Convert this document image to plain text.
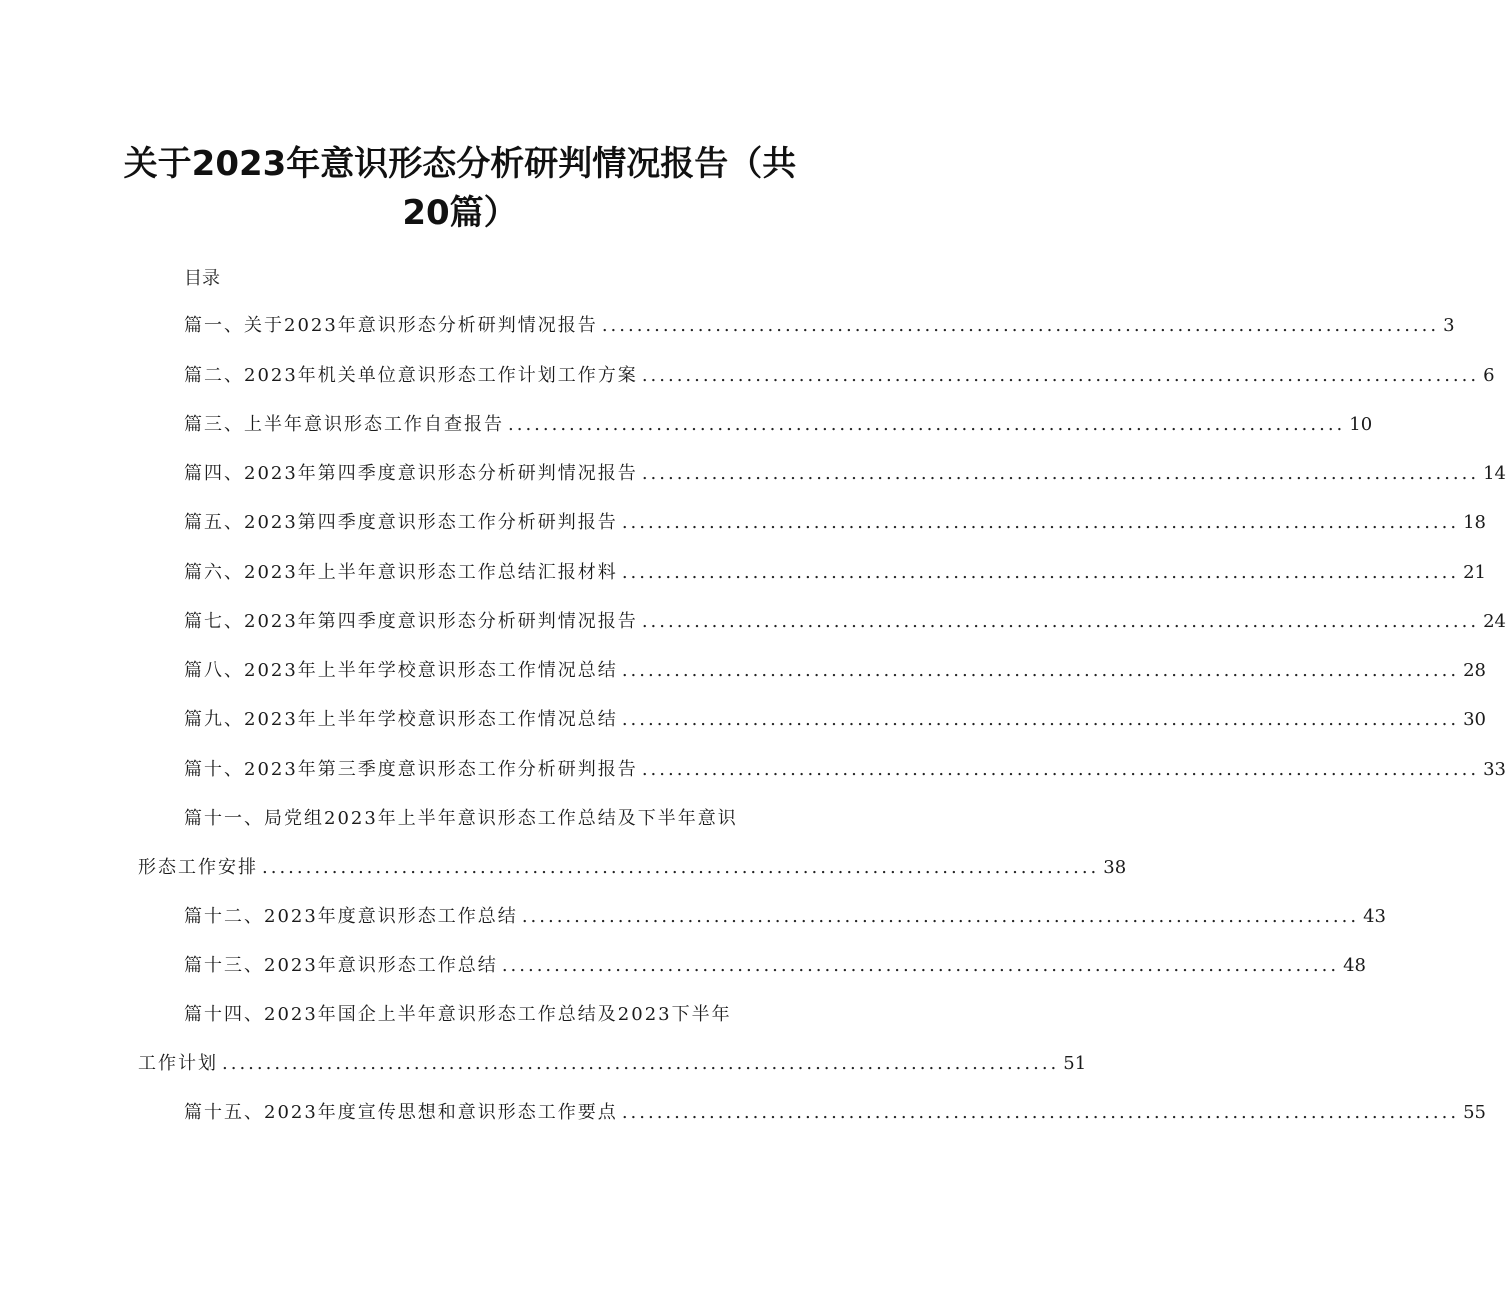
关于2023年意识形态分析研判情况报告（共
20篇）
目录
篇一、关于2023年意识形态分析研判情况报告 ................................................................................................ 3
篇二、2023年机关单位意识形态工作计划工作方案 ................................................................................................ 6
篇三、上半年意识形态工作自查报告 ................................................................................................ 10
篇四、2023年第四季度意识形态分析研判情况报告 ................................................................................................ 14
篇五、2023第四季度意识形态工作分析研判报告 ................................................................................................ 18
篇六、2023年上半年意识形态工作总结汇报材料 ................................................................................................ 21
篇七、2023年第四季度意识形态分析研判情况报告 ................................................................................................ 24
篇八、2023年上半年学校意识形态工作情况总结 ................................................................................................ 28
篇九、2023年上半年学校意识形态工作情况总结 ................................................................................................ 30
篇十、2023年第三季度意识形态工作分析研判报告 ................................................................................................ 33
篇十一、局党组2023年上半年意识形态工作总结及下半年意识
形态工作安排 ................................................................................................ 38
篇十二、2023年度意识形态工作总结 ................................................................................................ 43
篇十三、2023年意识形态工作总结 ................................................................................................ 48
篇十四、2023年国企上半年意识形态工作总结及2023下半年
工作计划 ................................................................................................ 51
篇十五、2023年度宣传思想和意识形态工作要点 ................................................................................................ 55
